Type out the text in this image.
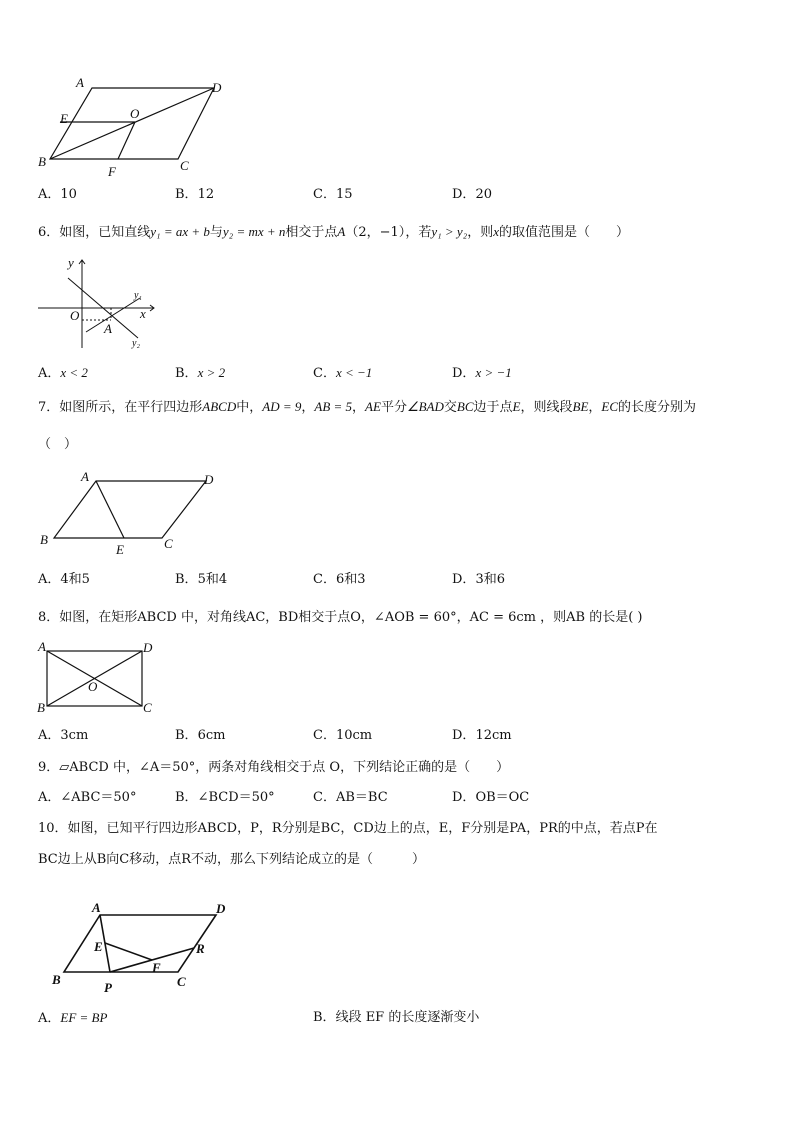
A	D
E	O
B	C
F
A．10	B．12	C．15	D．20
6．如图，已知直线y₁ = ax + b与y₂ = mx + n相交于点A（2，−1），若y₁ > y₂，则x的取值范围是（　　）
y
x
O
A
y₁
y₂
A．x < 2	B．x > 2	C．x < −1	D．x > −1
7．如图所示，在平行四边形ABCD中，AD = 9，AB = 5，AE平分∠BAD交BC边于点E，则线段BE，EC的长度分别为
（　）
A	D
B
E	C
A．4和5	B．5和4	C．6和3	D．3和6
8．如图，在矩形ABCD 中，对角线AC，BD相交于点O，∠AOB = 60°，AC = 6cm ，则AB 的长是( )
A	D
O
B	C
A．3cm	B．6cm	C．10cm	D．12cm
9．▱ABCD 中，∠A＝50°，两条对角线相交于点 O，下列结论正确的是（　　）
A．∠ABC＝50°	B．∠BCD＝50°	C．AB＝BC	D．OB＝OC
10．如图，已知平行四边形ABCD，P，R分别是BC，CD边上的点，E，F分别是PA，PR的中点，若点P在
BC边上从B向C移动，点R不动，那么下列结论成立的是（　　　）
A	D
E	R
F
B
P	C
A．EF = BP	B．线段 EF 的长度逐渐变小
